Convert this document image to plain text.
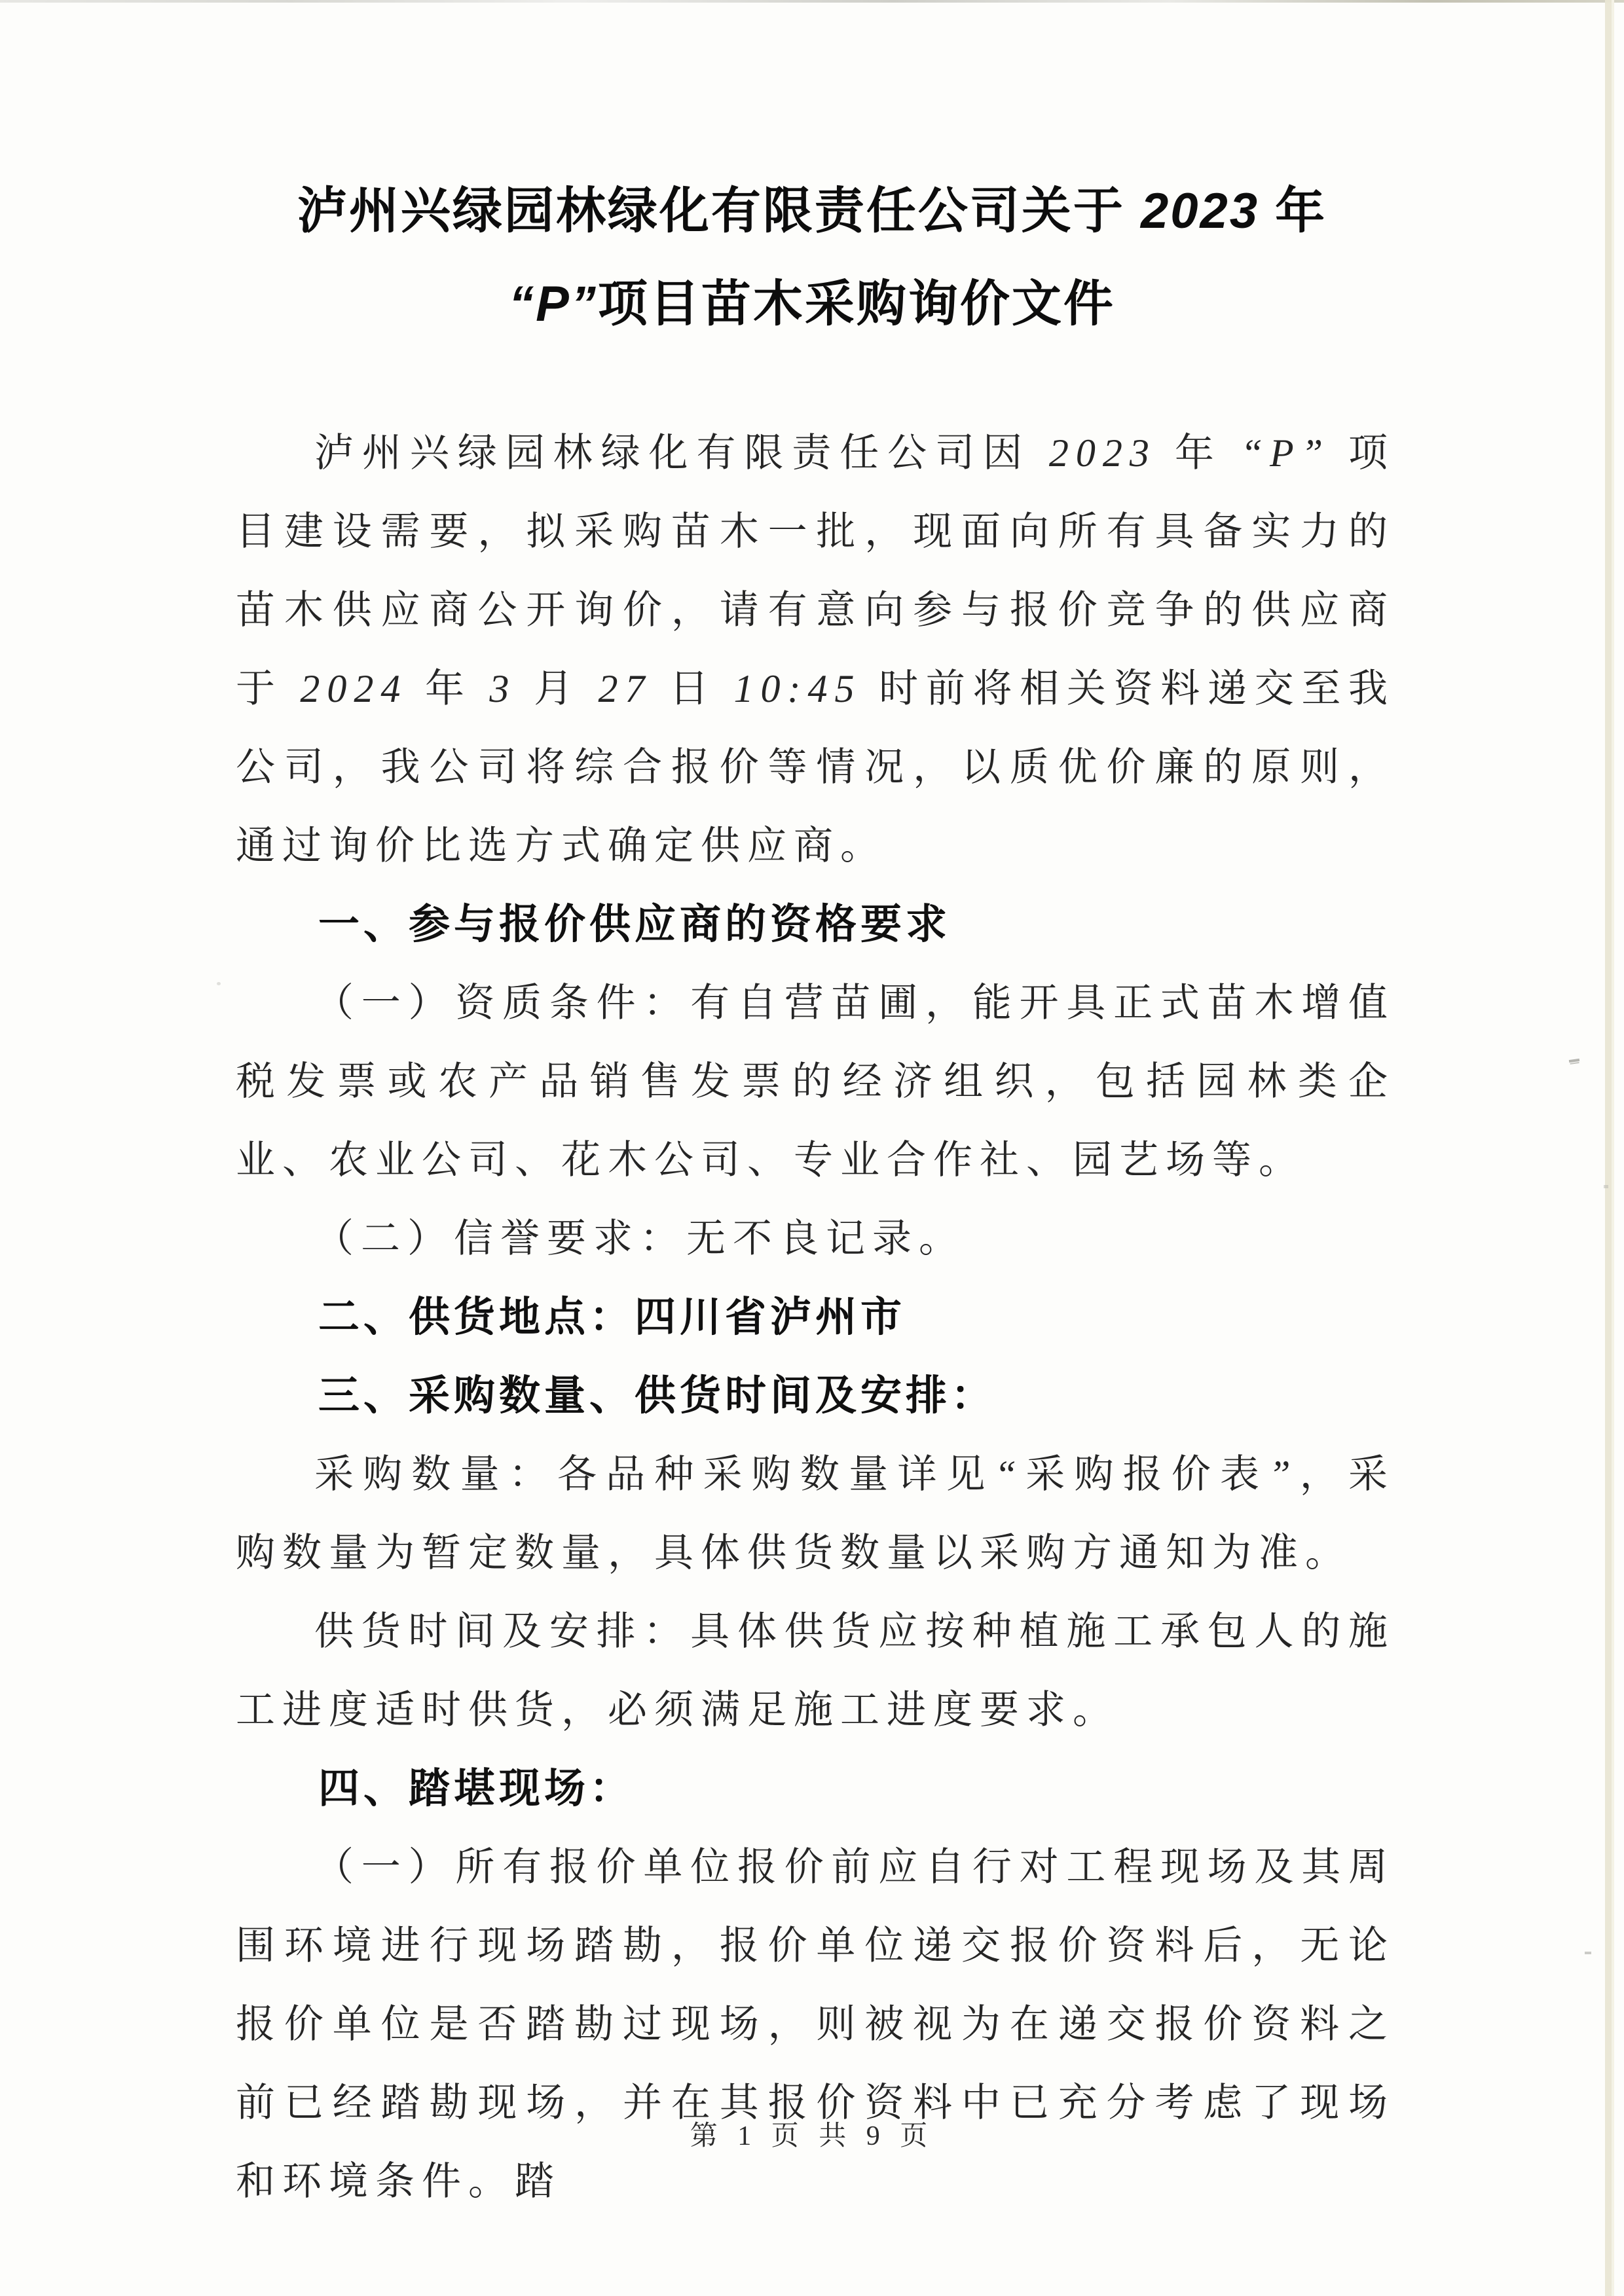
泸州兴绿园林绿化有限责任公司关于 2023 年
“P”项目苗木采购询价文件

泸州兴绿园林绿化有限责任公司因 2023 年 “P” 项目建设需要，拟采购苗木一批，现面向所有具备实力的苗木供应商公开询价，请有意向参与报价竞争的供应商于 2024 年 3 月 27 日 10:45 时前将相关资料递交至我公司，我公司将综合报价等情况，以质优价廉的原则，通过询价比选方式确定供应商。

一、参与报价供应商的资格要求

（一）资质条件：有自营苗圃，能开具正式苗木增值税发票或农产品销售发票的经济组织，包括园林类企业、农业公司、花木公司、专业合作社、园艺场等。

（二）信誉要求：无不良记录。

二、供货地点：四川省泸州市

三、采购数量、供货时间及安排：

采购数量：各品种采购数量详见“采购报价表”，采购数量为暂定数量，具体供货数量以采购方通知为准。

供货时间及安排：具体供货应按种植施工承包人的施工进度适时供货，必须满足施工进度要求。

四、踏堪现场：

（一）所有报价单位报价前应自行对工程现场及其周围环境进行现场踏勘，报价单位递交报价资料后，无论报价单位是否踏勘过现场，则被视为在递交报价资料之前已经踏勘现场，并在其报价资料中已充分考虑了现场和环境条件。踏

第 1 页 共 9 页
